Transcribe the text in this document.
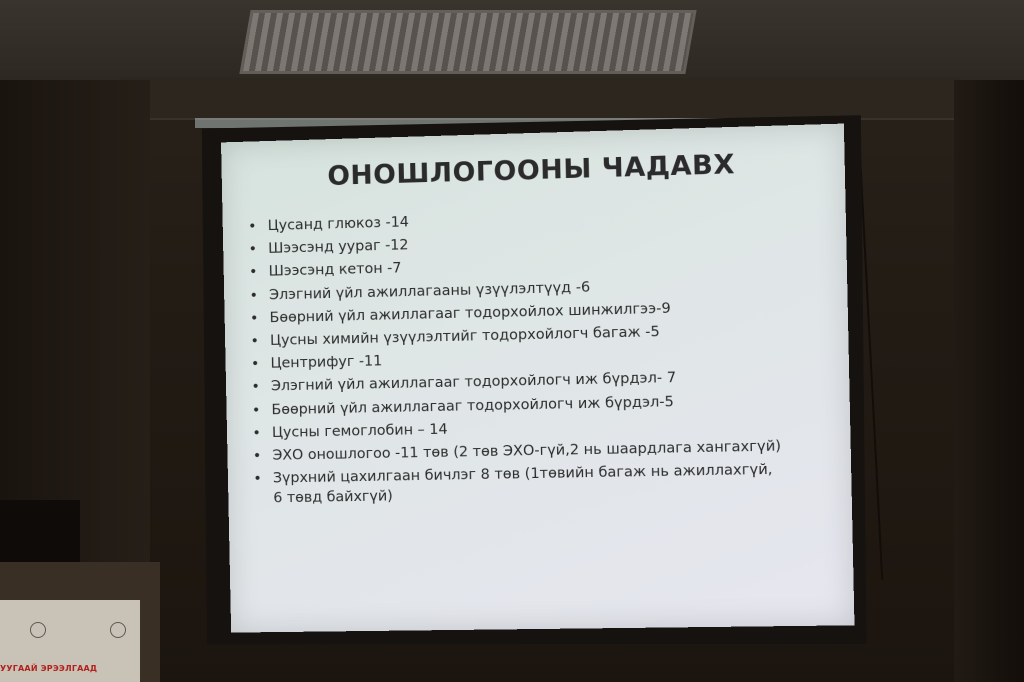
УУГААЙ ЭРЭЭЛГААД
ОНОШЛОГООНЫ ЧАДАВХ
• Цусанд глюкоз -14
• Шээсэнд уураг -12
• Шээсэнд кетон -7
• Элэгний үйл ажиллагааны үзүүлэлтүүд -6
• Бөөрний үйл ажиллагааг тодорхойлох шинжилгээ-9
• Цусны химийн үзүүлэлтийг тодорхойлогч багаж -5
• Центрифуг -11
• Элэгний үйл ажиллагааг тодорхойлогч иж бүрдэл- 7
• Бөөрний үйл ажиллагааг тодорхойлогч иж бүрдэл-5
• Цусны гемоглобин – 14
• ЭХО оношлогоо -11 төв (2 төв ЭХО-гүй,2 нь шаардлага хангахгүй)
• Зүрхний цахилгаан бичлэг 8 төв (1төвийн багаж нь ажиллахгүй,
6 төвд байхгүй)
